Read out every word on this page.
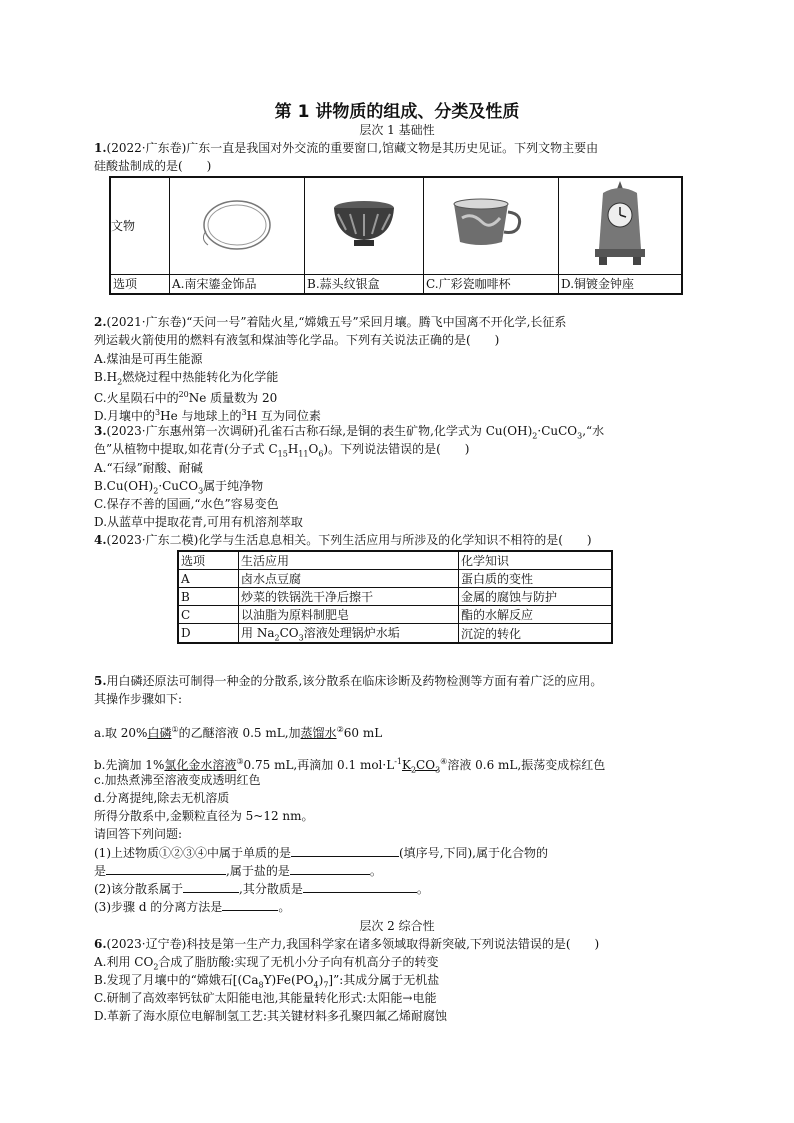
第 1 讲物质的组成、分类及性质
层次 1 基础性
1.(2022·广东卷)广东一直是我国对外交流的重要窗口,馆藏文物是其历史见证。下列文物主要由
硅酸盐制成的是(　　)
文物				
选项	A.南宋鎏金饰品	B.蒜头纹银盒	C.广彩瓷咖啡杯	D.铜镀金钟座
2.(2021·广东卷)“天问一号”着陆火星,“嫦娥五号”采回月壤。腾飞中国离不开化学,长征系
列运载火箭使用的燃料有液氢和煤油等化学品。下列有关说法正确的是(　　)
A.煤油是可再生能源
$B.H_2$燃烧过程中热能转化为化学能
C.火星陨石中的$^{20}$Ne 质量数为 20
D.月壤中的$^3$He 与地球上的$^3$H 互为同位素
3.(2023·广东惠州第一次调研)孔雀石古称石绿,是铜的表生矿物,化学式为 $Cu(OH)_2\cdot CuCO_3,“$水
色”从植物中提取,如花青(分子式 $C_{15}H_{11}O_6$)。下列说法错误的是(　　)
A.“石绿”耐酸、耐碱
$B.Cu(OH)_2\cdot CuCO_3$属于纯净物
C.保存不善的国画,“水色”容易变色
D.从蓝草中提取花青,可用有机溶剂萃取
4.(2023·广东二模)化学与生活息息相关。下列生活应用与所涉及的化学知识不相符的是(　　)
选项	生活应用	化学知识
A	卤水点豆腐	蛋白质的变性
B	炒菜的铁锅洗干净后擦干	金属的腐蚀与防护
C	以油脂为原料制肥皂	酯的水解反应
D	用 $Na_2CO_3$溶液处理锅炉水垢	沉淀的转化
5.用白磷还原法可制得一种金的分散系,该分散系在临床诊断及药物检测等方面有着广泛的应用。
其操作步骤如下:
a.取 20%白磷①的乙醚溶液 0.5 mL,加蒸馏水②60 mL
b.先滴加 1%氯化金水溶液③0.75 mL,再滴加 0.1 $mol\cdot L^{-1}K_2CO_3^④$溶液 0.6 mL,振荡变成棕红色
c.加热煮沸至溶液变成透明红色
d.分离提纯,除去无机溶质
所得分散系中,金颗粒直径为 5~12 nm。
请回答下列问题:
(1)上述物质①②③④中属于单质的是	(填序号,下同),属于化合物的
是	,属于盐的是	。
(2)该分散系属于	,其分散质是	。
(3)步骤 d 的分离方法是	。
层次 2 综合性
6.(2023·辽宁卷)科技是第一生产力,我国科学家在诸多领域取得新突破,下列说法错误的是(　　)
A.利用 $CO_2$合成了脂肪酸:实现了无机小分子向有机高分子的转变
B.发现了月壤中的“嫦娥石$[(Ca_8Y)Fe(PO_4)_7]$”:其成分属于无机盐
C.研制了高效率钙钛矿太阳能电池,其能量转化形式:太阳能→电能
D.革新了海水原位电解制氢工艺:其关键材料多孔聚四氟乙烯耐腐蚀
